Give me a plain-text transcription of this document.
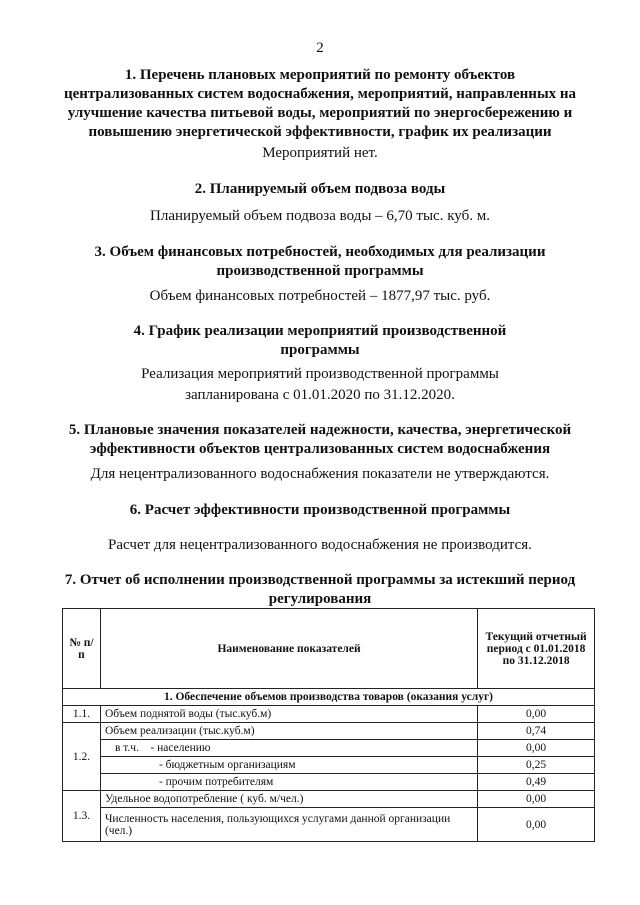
2
1. Перечень плановых мероприятий по ремонту объектов
централизованных систем водоснабжения, мероприятий, направленных на
улучшение качества питьевой воды, мероприятий по энергосбережению и
повышению энергетической эффективности, график их реализации
Мероприятий нет.
2. Планируемый объем подвоза воды
Планируемый объем подвоза воды – 6,70 тыс. куб. м.
3. Объем финансовых потребностей, необходимых для реализации
производственной программы
Объем финансовых потребностей – 1877,97 тыс. руб.
4. График реализации мероприятий производственной
программы
Реализация мероприятий производственной программы
запланирована с 01.01.2020 по 31.12.2020.
5. Плановые значения показателей надежности, качества, энергетической
эффективности объектов централизованных систем водоснабжения
Для нецентрализованного водоснабжения показатели не утверждаются.
6. Расчет эффективности производственной программы
Расчет для нецентрализованного водоснабжения не производится.
7. Отчет об исполнении производственной программы за истекший период
регулирования
№ п/п	Наименование показателей	Текущий отчетный период с 01.01.2018 по 31.12.2018
1. Обеспечение объемов производства товаров (оказания услуг)		
1.1.	Объем поднятой воды (тыс.куб.м)	0,00
1.2.	Объем реализации (тыс.куб.м)	0,74
	в т.ч. - населению	0,00
	- бюджетным организациям	0,25
	- прочим потребителям	0,49
1.3.	Удельное водопотребление ( куб. м/чел.)	0,00
	Численность населения, пользующихся услугами данной организации (чел.)	0,00
